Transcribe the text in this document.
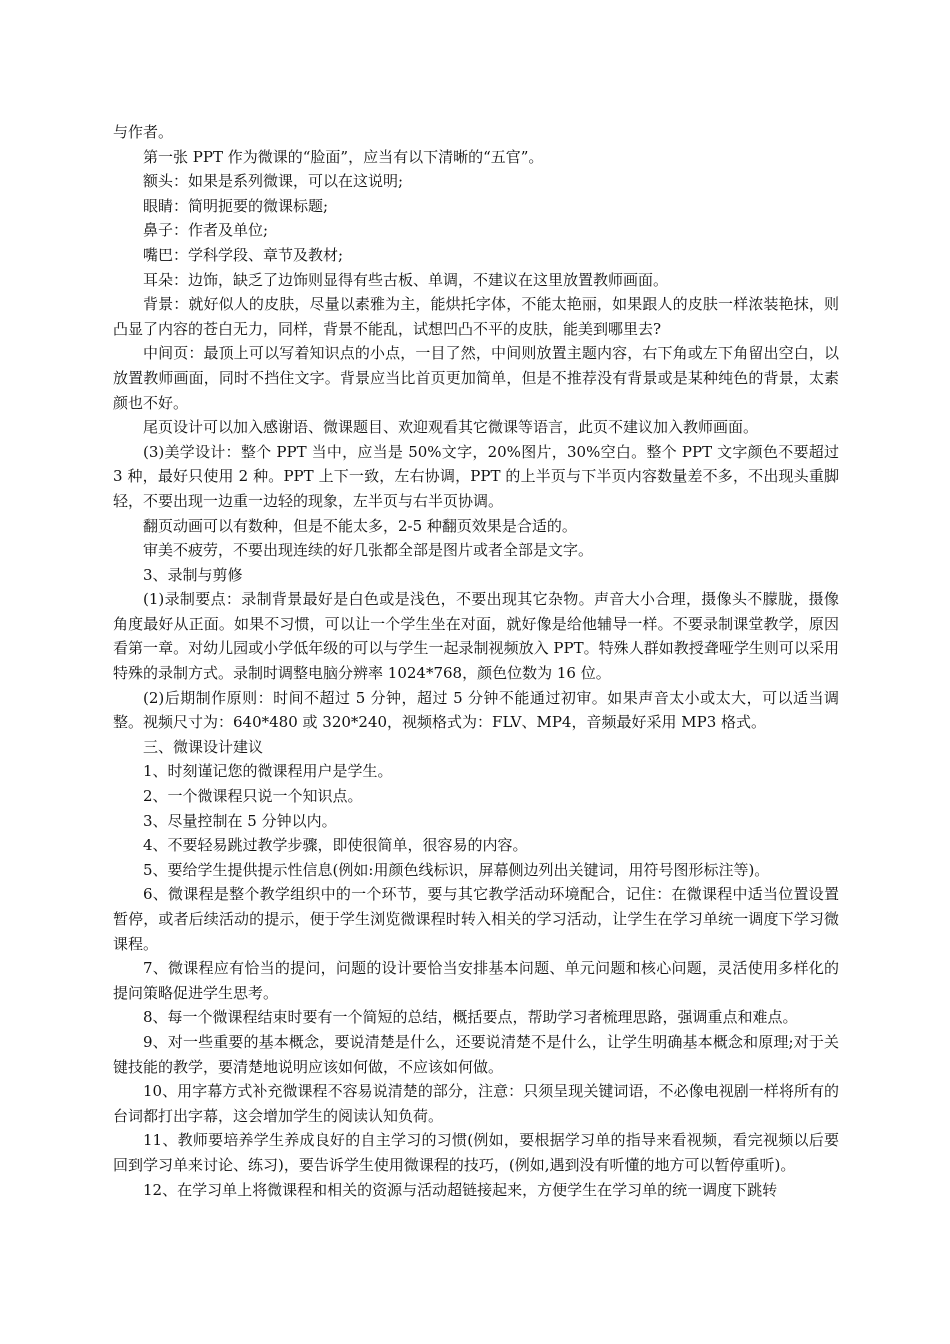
与作者。

第一张 PPT 作为微课的“脸面”，应当有以下清晰的“五官”。

额头：如果是系列微课，可以在这说明;

眼睛：简明扼要的微课标题;

鼻子：作者及单位;

嘴巴：学科学段、章节及教材;

耳朵：边饰，缺乏了边饰则显得有些古板、单调，不建议在这里放置教师画面。

背景：就好似人的皮肤，尽量以素雅为主，能烘托字体，不能太艳丽，如果跟人的皮肤一样浓装艳抹，则凸显了内容的苍白无力，同样，背景不能乱，试想凹凸不平的皮肤，能美到哪里去?

中间页：最顶上可以写着知识点的小点，一目了然，中间则放置主题内容，右下角或左下角留出空白，以放置教师画面，同时不挡住文字。背景应当比首页更加简单，但是不推荐没有背景或是某种纯色的背景，太素颜也不好。

尾页设计可以加入感谢语、微课题目、欢迎观看其它微课等语言，此页不建议加入教师画面。

(3)美学设计：整个 PPT 当中，应当是 50%文字，20%图片，30%空白。整个 PPT 文字颜色不要超过 3 种，最好只使用 2 种。PPT 上下一致，左右协调，PPT 的上半页与下半页内容数量差不多，不出现头重脚轻，不要出现一边重一边轻的现象，左半页与右半页协调。

翻页动画可以有数种，但是不能太多，2-5 种翻页效果是合适的。

审美不疲劳，不要出现连续的好几张都全部是图片或者全部是文字。

3、录制与剪修

(1)录制要点：录制背景最好是白色或是浅色，不要出现其它杂物。声音大小合理，摄像头不朦胧，摄像角度最好从正面。如果不习惯，可以让一个学生坐在对面，就好像是给他辅导一样。不要录制课堂教学，原因看第一章。对幼儿园或小学低年级的可以与学生一起录制视频放入 PPT。特殊人群如教授聋哑学生则可以采用特殊的录制方式。录制时调整电脑分辨率 1024*768，颜色位数为 16 位。

(2)后期制作原则：时间不超过 5 分钟，超过 5 分钟不能通过初审。如果声音太小或太大，可以适当调整。视频尺寸为：640*480 或 320*240，视频格式为：FLV、MP4，音频最好采用 MP3 格式。

三、微课设计建议

1、时刻谨记您的微课程用户是学生。

2、一个微课程只说一个知识点。

3、尽量控制在 5 分钟以内。

4、不要轻易跳过教学步骤，即使很简单，很容易的内容。

5、要给学生提供提示性信息(例如:用颜色线标识，屏幕侧边列出关键词，用符号图形标注等)。

6、微课程是整个教学组织中的一个环节，要与其它教学活动环境配合，记住：在微课程中适当位置设置暂停，或者后续活动的提示，便于学生浏览微课程时转入相关的学习活动，让学生在学习单统一调度下学习微课程。

7、微课程应有恰当的提问，问题的设计要恰当安排基本问题、单元问题和核心问题，灵活使用多样化的提问策略促进学生思考。

8、每一个微课程结束时要有一个简短的总结，概括要点，帮助学习者梳理思路，强调重点和难点。

9、对一些重要的基本概念，要说清楚是什么，还要说清楚不是什么，让学生明确基本概念和原理;对于关键技能的教学，要清楚地说明应该如何做，不应该如何做。

10、用字幕方式补充微课程不容易说清楚的部分，注意：只须呈现关键词语，不必像电视剧一样将所有的台词都打出字幕，这会增加学生的阅读认知负荷。

11、教师要培养学生养成良好的自主学习的习惯(例如，要根据学习单的指导来看视频，看完视频以后要回到学习单来讨论、练习)，要告诉学生使用微课程的技巧，(例如,遇到没有听懂的地方可以暂停重听)。

12、在学习单上将微课程和相关的资源与活动超链接起来，方便学生在学习单的统一调度下跳转
